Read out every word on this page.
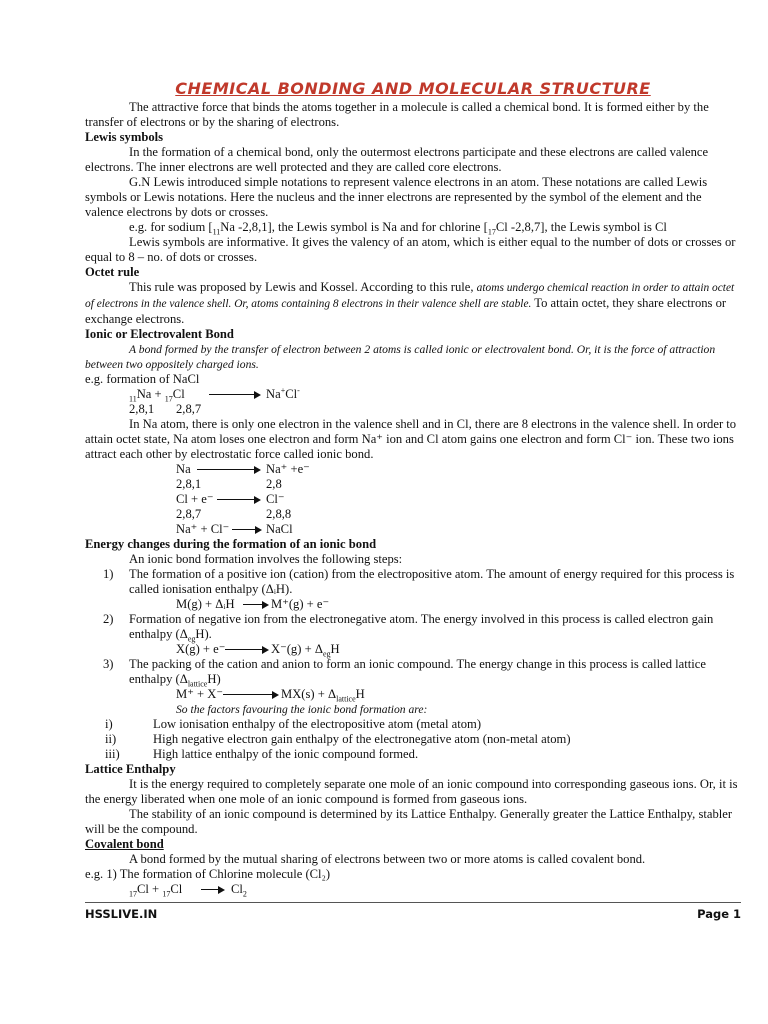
CHEMICAL BONDING AND MOLECULAR STRUCTURE

The attractive force that binds the atoms together in a molecule is called a chemical bond. It is formed either by the transfer of electrons or by the sharing of electrons.

Lewis symbols

In the formation of a chemical bond, only the outermost electrons participate and these electrons are called valence electrons. The inner electrons are well protected and they are called core electrons.

G.N Lewis introduced simple notations to represent valence electrons in an atom. These notations are called Lewis symbols or Lewis notations. Here the nucleus and the inner electrons are represented by the symbol of the element and the valence electrons by dots or crosses.

e.g. for sodium [$_{11}Na$ -2,8,1], the Lewis symbol is Na and for chlorine [$_{17}Cl$ -2,8,7], the Lewis symbol is Cl

Lewis symbols are informative. It gives the valency of an atom, which is either equal to the number of dots or crosses or equal to 8 – no. of dots or crosses.

Octet rule

This rule was proposed by Lewis and Kossel. According to this rule, atoms undergo chemical reaction in order to attain octet of electrons in the valence shell. Or, atoms containing 8 electrons in their valence shell are stable. To attain octet, they share electrons or exchange electrons.

Ionic or Electrovalent Bond

A bond formed by the transfer of electron between 2 atoms is called ionic or electrovalent bond. Or, it is the force of attraction between two oppositely charged ions.

e.g. formation of NaCl

$_{11}$Na + $_{17}$Cl	Na+Cl-
2,8,1 2,8,7

In Na atom, there is only one electron in the valence shell and in Cl, there are 8 electrons in the valence shell. In order to attain octet state, Na atom loses one electron and form Na⁺ ion and Cl atom gains one electron and form Cl⁻ ion. These two ions attract each other by electrostatic force called ionic bond.

Na	Na⁺ +e⁻
2,8,1	2,8
Cl + e⁻	Cl⁻
2,8,7	2,8,8
Na⁺ + Cl⁻	NaCl

Energy changes during the formation of an ionic bond

An ionic bond formation involves the following steps:

1) The formation of a positive ion (cation) from the electropositive atom. The amount of energy required for this process is called ionisation enthalpy (ΔᵢH).
M(g) + ΔᵢH	M⁺(g) + e⁻
2) Formation of negative ion from the electronegative atom. The energy involved in this process is called electron gain enthalpy $(\Delta_{eg}H)$.
X(g) + e⁻	$X^-(g) + \Delta_{eg}H$
3) The packing of the cation and anion to form an ionic compound. The energy change in this process is called lattice enthalpy $(\Delta_{lattice}H)$
M⁺ + X⁻	$MX(s) + \Delta_{lattice}H$

So the factors favouring the ionic bond formation are:

i)	Low ionisation enthalpy of the electropositive atom (metal atom)
ii)	High negative electron gain enthalpy of the electronegative atom (non-metal atom)
iii)	High lattice enthalpy of the ionic compound formed.

Lattice Enthalpy

It is the energy required to completely separate one mole of an ionic compound into corresponding gaseous ions. Or, it is the energy liberated when one mole of an ionic compound is formed from gaseous ions.

The stability of an ionic compound is determined by its Lattice Enthalpy. Generally greater the Lattice Enthalpy, stabler will be the compound.

Covalent bond

A bond formed by the mutual sharing of electrons between two or more atoms is called covalent bond.

e.g. 1) The formation of Chlorine molecule (Cl₂)

$_{17}$Cl + $_{17}$Cl	$Cl_2$
HSSLIVE.IN	Page 1
